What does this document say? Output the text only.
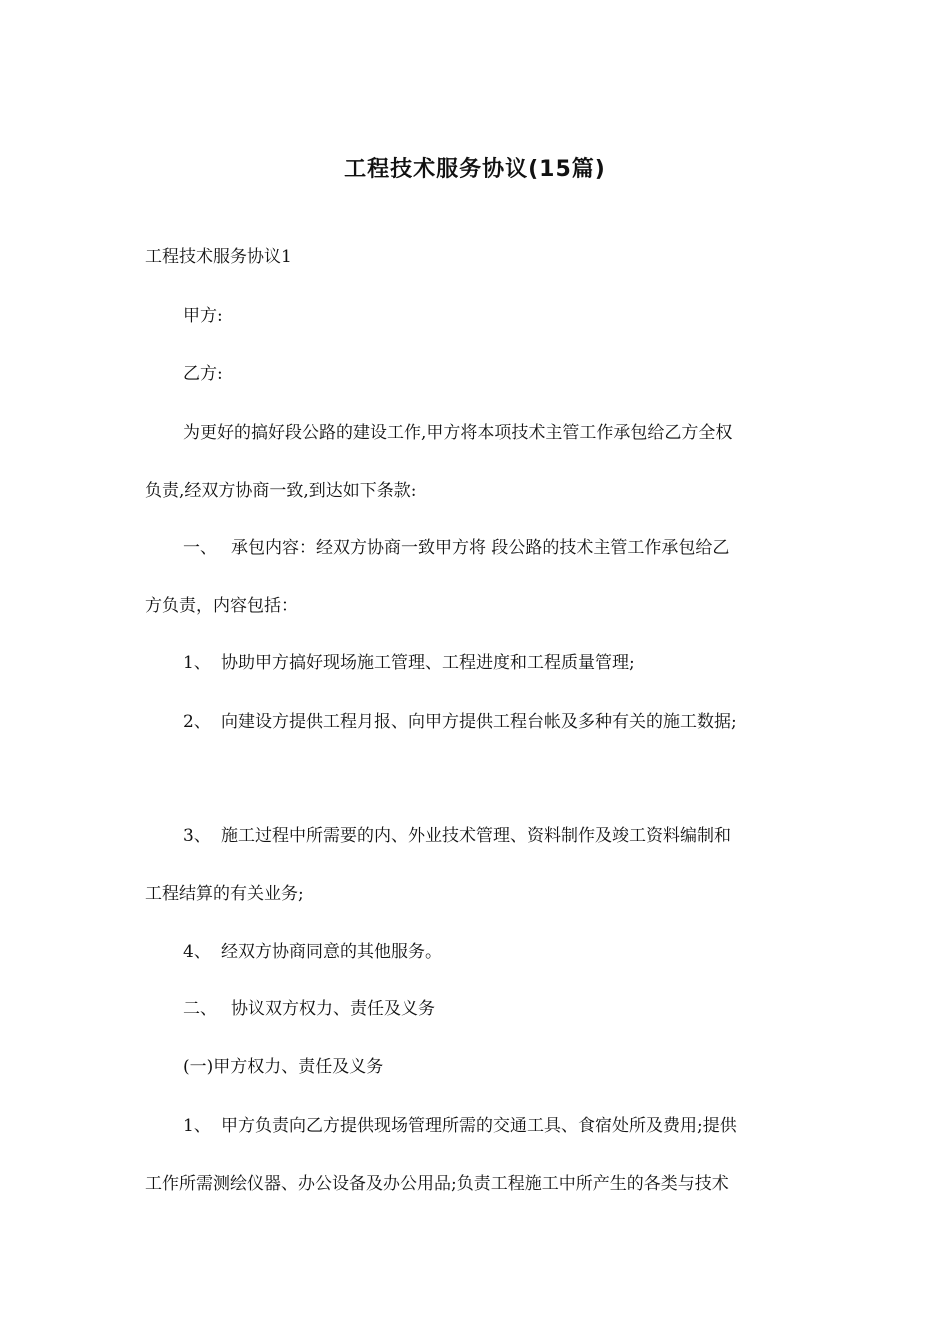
工程技术服务协议(15篇)
工程技术服务协议1
甲方:
乙方:
为更好的搞好段公路的建设工作,甲方将本项技术主管工作承包给乙方全权
负责,经双方协商一致,到达如下条款:
一、 承包内容：经双方协商一致甲方将 段公路的技术主管工作承包给乙
方负责，内容包括：
1、 协助甲方搞好现场施工管理、工程进度和工程质量管理;
2、 向建设方提供工程月报、向甲方提供工程台帐及多种有关的施工数据;
3、 施工过程中所需要的内、外业技术管理、资料制作及竣工资料编制和
工程结算的有关业务;
4、 经双方协商同意的其他服务。
二、 协议双方权力、责任及义务
(一)甲方权力、责任及义务
1、 甲方负责向乙方提供现场管理所需的交通工具、食宿处所及费用;提供
工作所需测绘仪器、办公设备及办公用品;负责工程施工中所产生的各类与技术
